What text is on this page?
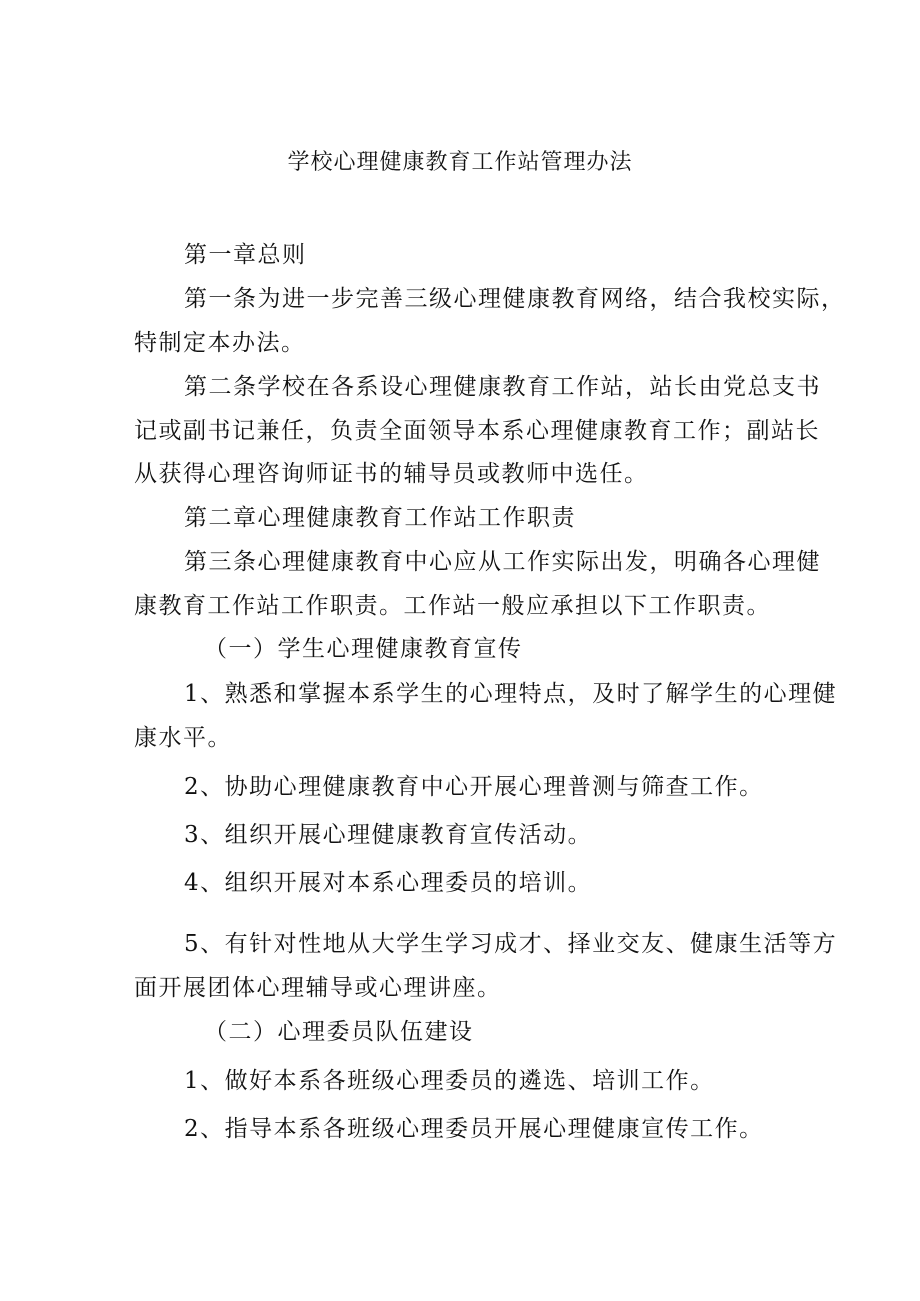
学校心理健康教育工作站管理办法
第一章总则
第一条为进一步完善三级心理健康教育网络，结合我校实际，
特制定本办法。
第二条学校在各系设心理健康教育工作站，站长由党总支书
记或副书记兼任，负责全面领导本系心理健康教育工作；副站长
从获得心理咨询师证书的辅导员或教师中选任。
第二章心理健康教育工作站工作职责
第三条心理健康教育中心应从工作实际出发，明确各心理健
康教育工作站工作职责。工作站一般应承担以下工作职责。
（一）学生心理健康教育宣传
1、熟悉和掌握本系学生的心理特点，及时了解学生的心理健
康水平。
2、协助心理健康教育中心开展心理普测与筛查工作。
3、组织开展心理健康教育宣传活动。
4、组织开展对本系心理委员的培训。
5、有针对性地从大学生学习成才、择业交友、健康生活等方
面开展团体心理辅导或心理讲座。
（二）心理委员队伍建设
1、做好本系各班级心理委员的遴选、培训工作。
2、指导本系各班级心理委员开展心理健康宣传工作。
